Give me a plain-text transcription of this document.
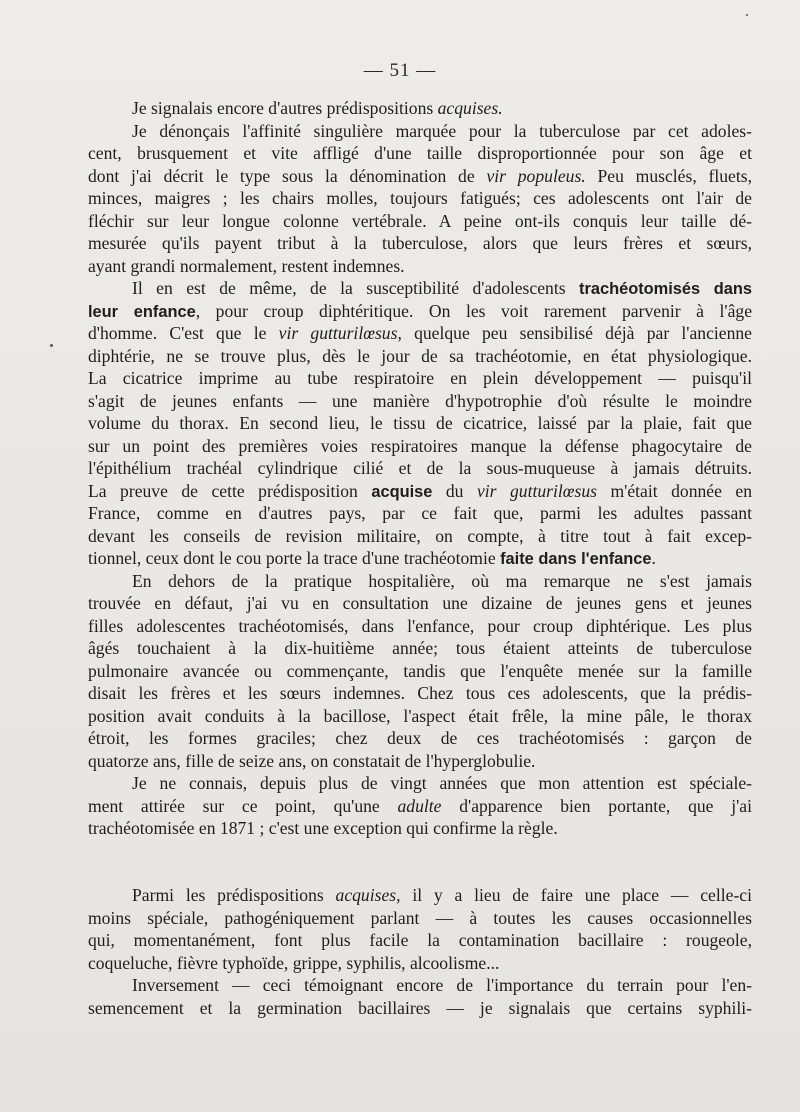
— 51 —
Je signalais encore d'autres prédispositions acquises.
Je dénonçais l'affinité singulière marquée pour la tuberculose par cet adoles-
cent, brusquement et vite affligé d'une taille disproportionnée pour son âge et
dont j'ai décrit le type sous la dénomination de vir populeus. Peu musclés, fluets,
minces, maigres ; les chairs molles, toujours fatigués; ces adolescents ont l'air de
fléchir sur leur longue colonne vertébrale. A peine ont-ils conquis leur taille dé-
mesurée qu'ils payent tribut à la tuberculose, alors que leurs frères et sœurs,
ayant grandi normalement, restent indemnes.
Il en est de même, de la susceptibilité d'adolescents trachéotomisés dans
leur enfance, pour croup diphtéritique. On les voit rarement parvenir à l'âge
d'homme. C'est que le vir gutturilœsus, quelque peu sensibilisé déjà par l'ancienne
diphtérie, ne se trouve plus, dès le jour de sa trachéotomie, en état physiologique.
La cicatrice imprime au tube respiratoire en plein développement — puisqu'il
s'agit de jeunes enfants — une manière d'hypotrophie d'où résulte le moindre
volume du thorax. En second lieu, le tissu de cicatrice, laissé par la plaie, fait que
sur un point des premières voies respiratoires manque la défense phagocytaire de
l'épithélium trachéal cylindrique cilié et de la sous-muqueuse à jamais détruits.
La preuve de cette prédisposition acquise du vir gutturilœsus m'était donnée en
France, comme en d'autres pays, par ce fait que, parmi les adultes passant
devant les conseils de revision militaire, on compte, à titre tout à fait excep-
tionnel, ceux dont le cou porte la trace d'une trachéotomie faite dans l'enfance.
En dehors de la pratique hospitalière, où ma remarque ne s'est jamais
trouvée en défaut, j'ai vu en consultation une dizaine de jeunes gens et jeunes
filles adolescentes trachéotomisés, dans l'enfance, pour croup diphtérique. Les plus
âgés touchaient à la dix-huitième année; tous étaient atteints de tuberculose
pulmonaire avancée ou commençante, tandis que l'enquête menée sur la famille
disait les frères et les sœurs indemnes. Chez tous ces adolescents, que la prédis-
position avait conduits à la bacillose, l'aspect était frêle, la mine pâle, le thorax
étroit, les formes graciles; chez deux de ces trachéotomisés : garçon de
quatorze ans, fille de seize ans, on constatait de l'hyperglobulie.
Je ne connais, depuis plus de vingt années que mon attention est spéciale-
ment attirée sur ce point, qu'une adulte d'apparence bien portante, que j'ai
trachéotomisée en 1871 ; c'est une exception qui confirme la règle.
Parmi les prédispositions acquises, il y a lieu de faire une place — celle-ci
moins spéciale, pathogéniquement parlant — à toutes les causes occasionnelles
qui, momentanément, font plus facile la contamination bacillaire : rougeole,
coqueluche, fièvre typhoïde, grippe, syphilis, alcoolisme...
Inversement — ceci témoignant encore de l'importance du terrain pour l'en-
semencement et la germination bacillaires — je signalais que certains syphili-
